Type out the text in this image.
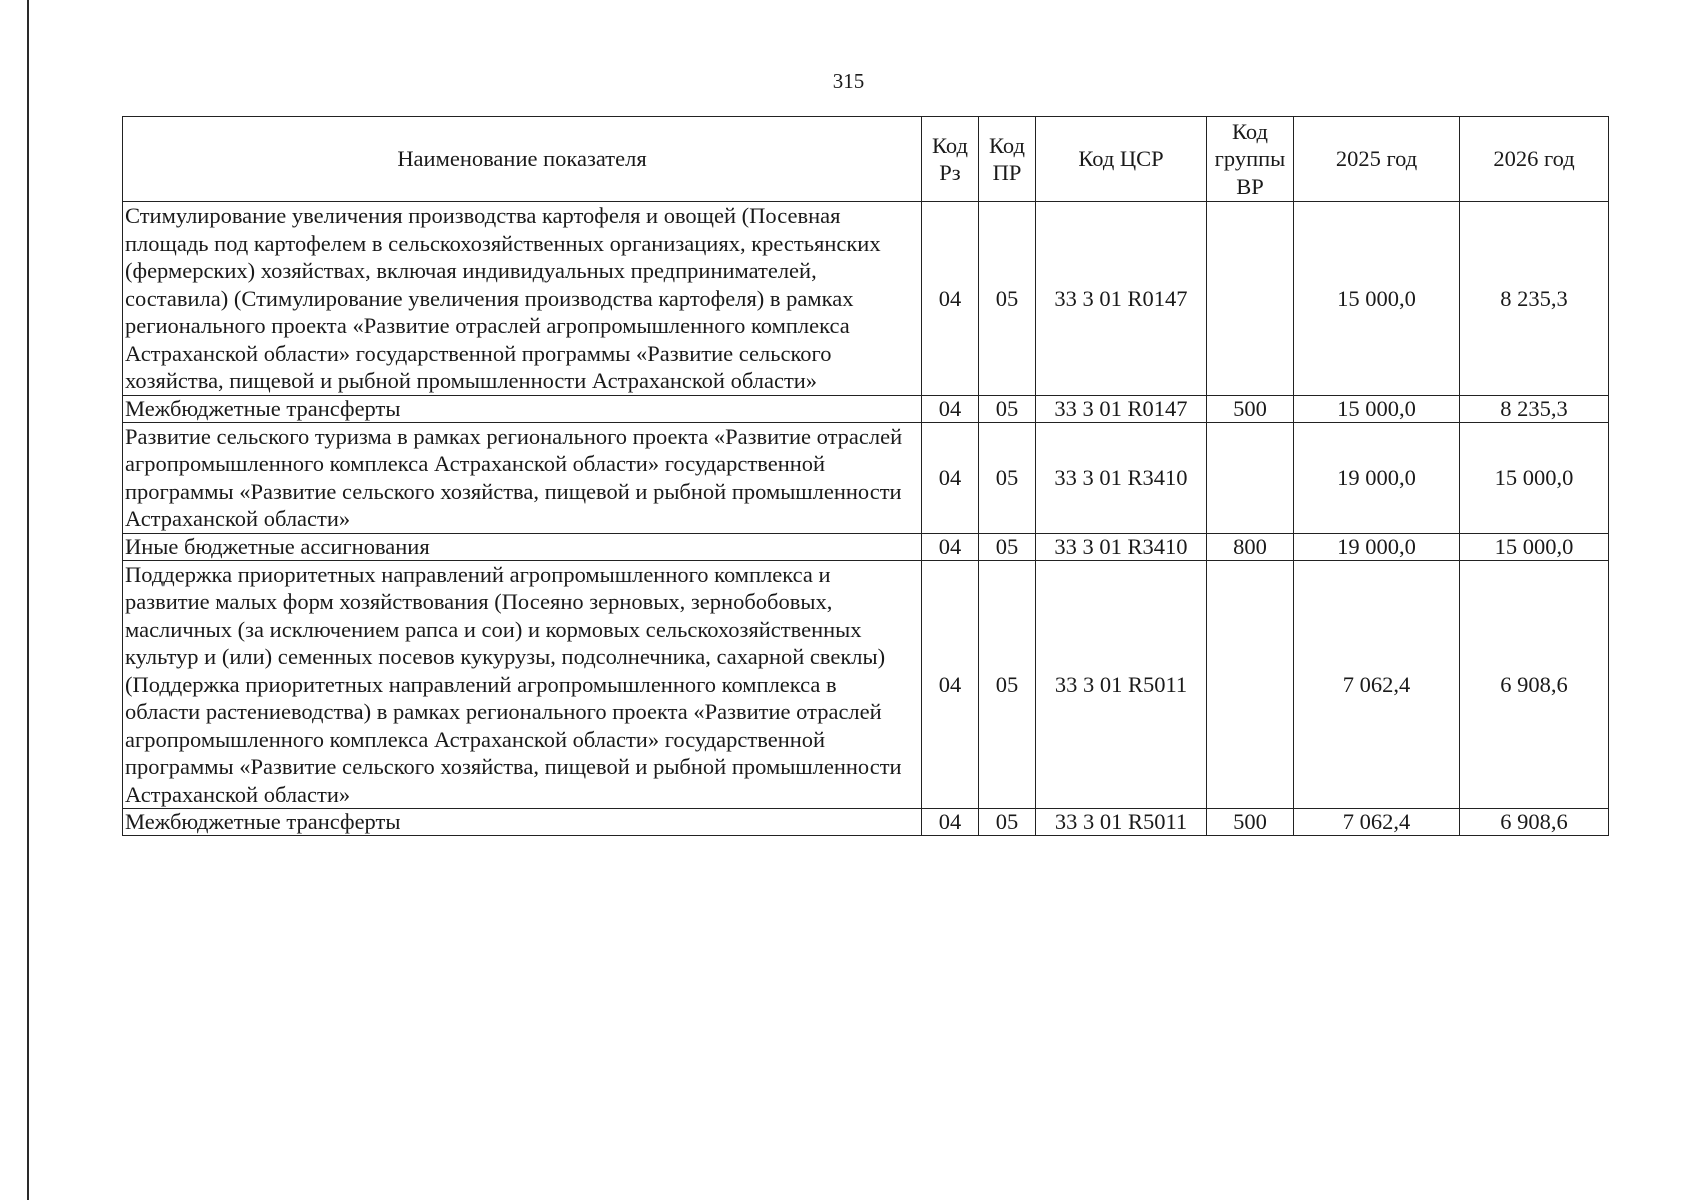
315
Наименование показателя	Код Рз	Код ПР	Код ЦСР	Код группы ВР	2025 год	2026 год
Стимулирование увеличения производства картофеля и овощей (Посевная площадь под картофелем в сельскохозяйственных организациях, крестьянских (фермерских) хозяйствах, включая индивидуальных предпринимателей, составила) (Стимулирование увеличения производства картофеля) в рамках регионального проекта «Развитие отраслей агропромышленного комплекса Астраханской области» государственной программы «Развитие сельского хозяйства, пищевой и рыбной промышленности Астраханской области»	04	05	33 3 01 R0147		15 000,0	8 235,3
Межбюджетные трансферты	04	05	33 3 01 R0147	500	15 000,0	8 235,3
Развитие сельского туризма в рамках регионального проекта «Развитие отраслей агропромышленного комплекса Астраханской области» государственной программы «Развитие сельского хозяйства, пищевой и рыбной промышленности Астраханской области»	04	05	33 3 01 R3410		19 000,0	15 000,0
Иные бюджетные ассигнования	04	05	33 3 01 R3410	800	19 000,0	15 000,0
Поддержка приоритетных направлений агропромышленного комплекса и развитие малых форм хозяйствования (Посеяно зерновых, зернобобовых, масличных (за исключением рапса и сои) и кормовых сельскохозяйственных культур и (или) семенных посевов кукурузы, подсолнечника, сахарной свеклы) (Поддержка приоритетных направлений агропромышленного комплекса в области растениеводства) в рамках регионального проекта «Развитие отраслей агропромышленного комплекса Астраханской области» государственной программы «Развитие сельского хозяйства, пищевой и рыбной промышленности Астраханской области»	04	05	33 3 01 R5011		7 062,4	6 908,6
Межбюджетные трансферты	04	05	33 3 01 R5011	500	7 062,4	6 908,6
